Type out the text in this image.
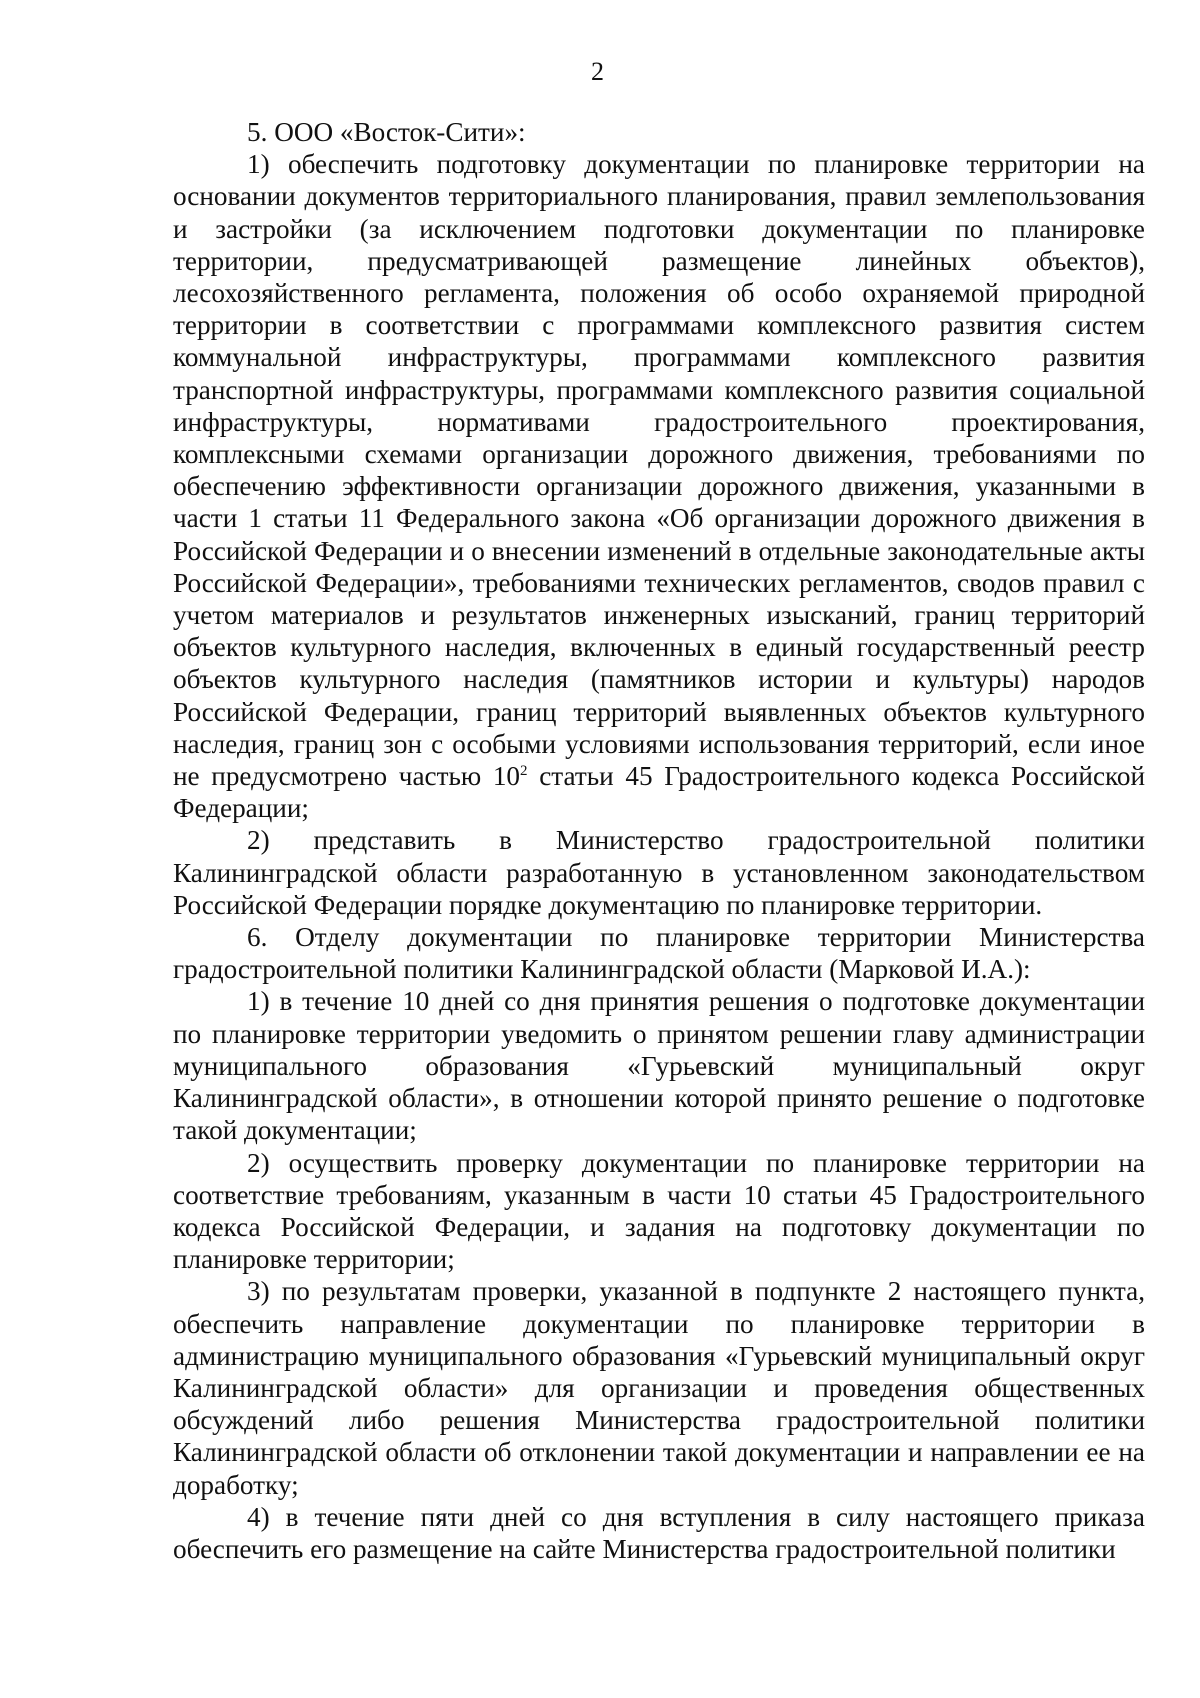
2

5. ООО «Восток-Сити»:

1) обеспечить подготовку документации по планировке территории на основании документов территориального планирования, правил землепользования и застройки (за исключением подготовки документации по планировке территории, предусматривающей размещение линейных объектов), лесохозяйственного регламента, положения об особо охраняемой природной территории в соответствии с программами комплексного развития систем коммунальной инфраструктуры, программами комплексного развития транспортной инфраструктуры, программами комплексного развития социальной инфраструктуры, нормативами градостроительного проектирования, комплексными схемами организации дорожного движения, требованиями по обеспечению эффективности организации дорожного движения, указанными в части 1 статьи 11 Федерального закона «Об организации дорожного движения в Российской Федерации и о внесении изменений в отдельные законодательные акты Российской Федерации», требованиями технических регламентов, сводов правил с учетом материалов и результатов инженерных изысканий, границ территорий объектов культурного наследия, включенных в единый государственный реестр объектов культурного наследия (памятников истории и культуры) народов Российской Федерации, границ территорий выявленных объектов культурного наследия, границ зон с особыми условиями использования территорий, если иное не предусмотрено частью $10^2$ статьи 45 Градостроительного кодекса Российской Федерации;

2) представить в Министерство градостроительной политики Калининградской области разработанную в установленном законодательством Российской Федерации порядке документацию по планировке территории.

6. Отделу документации по планировке территории Министерства градостроительной политики Калининградской области (Марковой И.А.):

1) в течение 10 дней со дня принятия решения о подготовке документации по планировке территории уведомить о принятом решении главу администрации муниципального образования «Гурьевский муниципальный округ Калининградской области», в отношении которой принято решение о подготовке такой документации;

2) осуществить проверку документации по планировке территории на соответствие требованиям, указанным в части 10 статьи 45 Градостроительного кодекса Российской Федерации, и задания на подготовку документации по планировке территории;

3) по результатам проверки, указанной в подпункте 2 настоящего пункта, обеспечить направление документации по планировке территории в администрацию муниципального образования «Гурьевский муниципальный округ Калининградской области» для организации и проведения общественных обсуждений либо решения Министерства градостроительной политики Калининградской области об отклонении такой документации и направлении ее на доработку;

4) в течение пяти дней со дня вступления в силу настоящего приказа обеспечить его размещение на сайте Министерства градостроительной политики
